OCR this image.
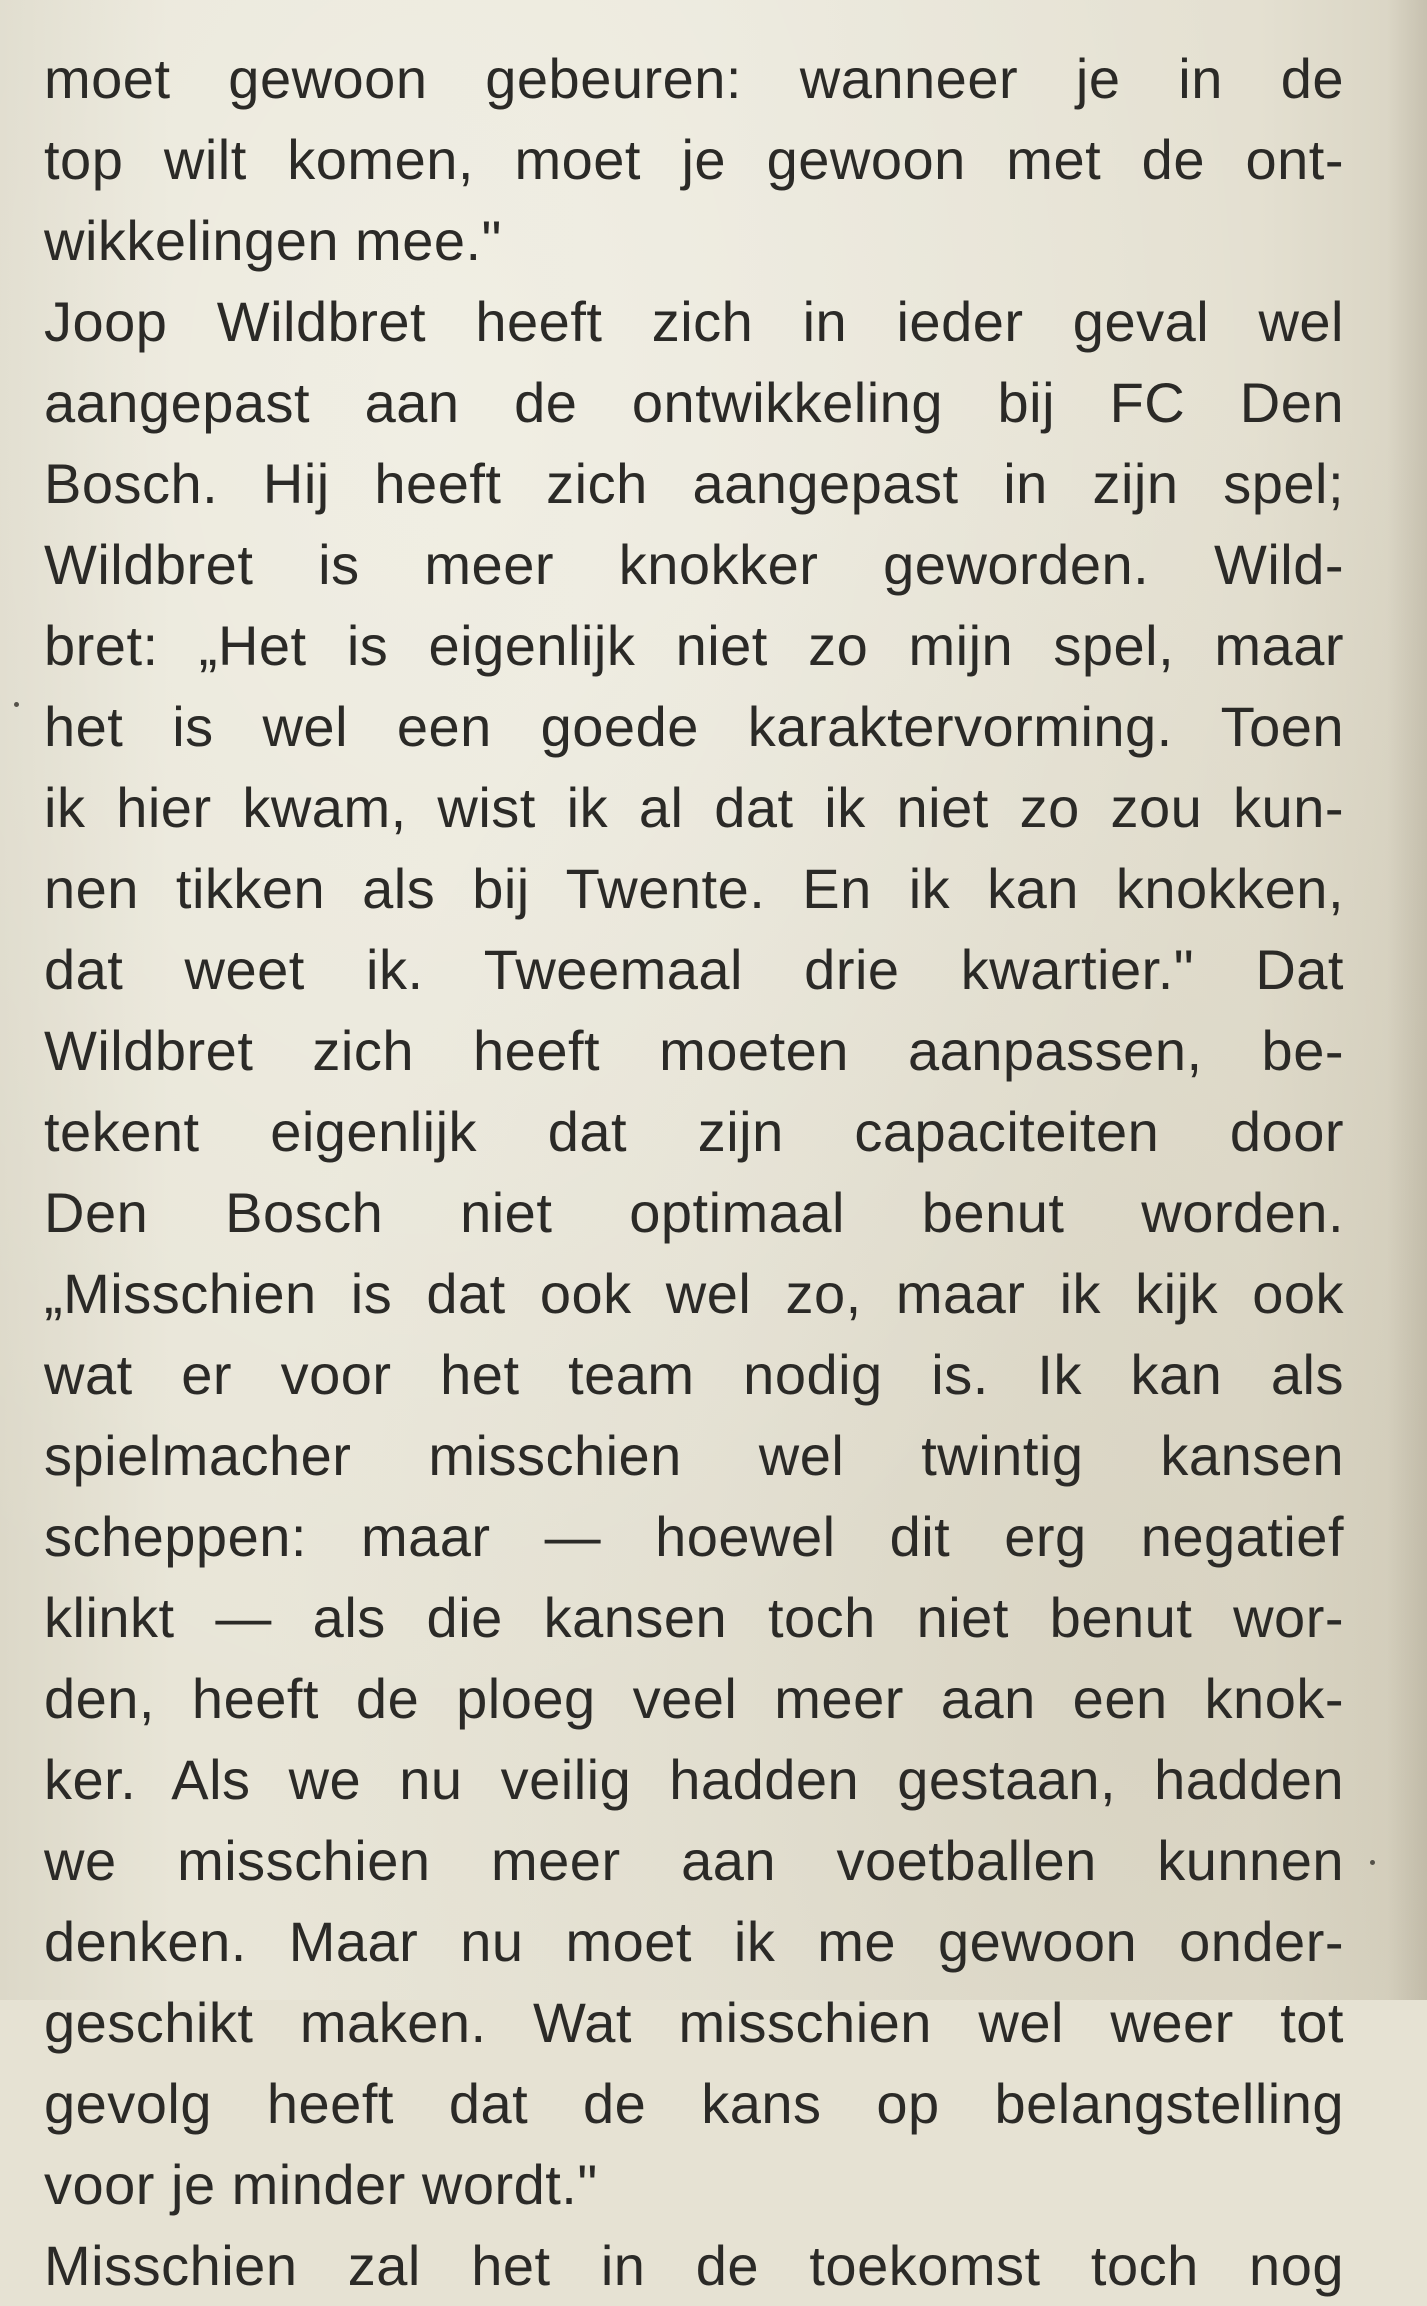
moet gewoon gebeuren: wanneer je in de
top wilt komen, moet je gewoon met de ont-
wikkelingen mee."
Joop Wildbret heeft zich in ieder geval wel
aangepast aan de ontwikkeling bij FC Den
Bosch. Hij heeft zich aangepast in zijn spel;
Wildbret is meer knokker geworden. Wild-
bret: „Het is eigenlijk niet zo mijn spel, maar
het is wel een goede karaktervorming. Toen
ik hier kwam, wist ik al dat ik niet zo zou kun-
nen tikken als bij Twente. En ik kan knokken,
dat weet ik. Tweemaal drie kwartier." Dat
Wildbret zich heeft moeten aanpassen, be-
tekent eigenlijk dat zijn capaciteiten door
Den Bosch niet optimaal benut worden.
„Misschien is dat ook wel zo, maar ik kijk ook
wat er voor het team nodig is. Ik kan als
spielmacher misschien wel twintig kansen
scheppen: maar — hoewel dit erg negatief
klinkt — als die kansen toch niet benut wor-
den, heeft de ploeg veel meer aan een knok-
ker. Als we nu veilig hadden gestaan, hadden
we misschien meer aan voetballen kunnen
denken. Maar nu moet ik me gewoon onder-
geschikt maken. Wat misschien wel weer tot
gevolg heeft dat de kans op belangstelling
voor je minder wordt."
Misschien zal het in de toekomst toch nog
